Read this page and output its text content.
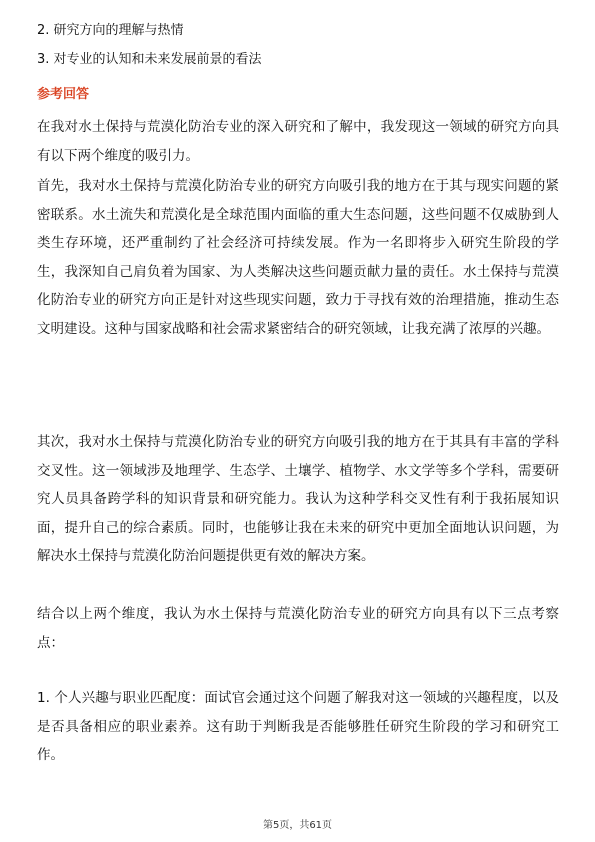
2. 研究方向的理解与热情
3. 对专业的认知和未来发展前景的看法
参考回答

在我对水土保持与荒漠化防治专业的深入研究和了解中，我发现这一领域的研究方向具有以下两个维度的吸引力。

首先，我对水土保持与荒漠化防治专业的研究方向吸引我的地方在于其与现实问题的紧密联系。水土流失和荒漠化是全球范围内面临的重大生态问题，这些问题不仅威胁到人类生存环境，还严重制约了社会经济可持续发展。作为一名即将步入研究生阶段的学生，我深知自己肩负着为国家、为人类解决这些问题贡献力量的责任。水土保持与荒漠化防治专业的研究方向正是针对这些现实问题，致力于寻找有效的治理措施，推动生态文明建设。这种与国家战略和社会需求紧密结合的研究领域，让我充满了浓厚的兴趣。

其次，我对水土保持与荒漠化防治专业的研究方向吸引我的地方在于其具有丰富的学科交叉性。这一领域涉及地理学、生态学、土壤学、植物学、水文学等多个学科，需要研究人员具备跨学科的知识背景和研究能力。我认为这种学科交叉性有利于我拓展知识面，提升自己的综合素质。同时，也能够让我在未来的研究中更加全面地认识问题，为解决水土保持与荒漠化防治问题提供更有效的解决方案。

结合以上两个维度，我认为水土保持与荒漠化防治专业的研究方向具有以下三点考察点：

1. 个人兴趣与职业匹配度：面试官会通过这个问题了解我对这一领域的兴趣程度，以及是否具备相应的职业素养。这有助于判断我是否能够胜任研究生阶段的学习和研究工作。

第5页，共61页
